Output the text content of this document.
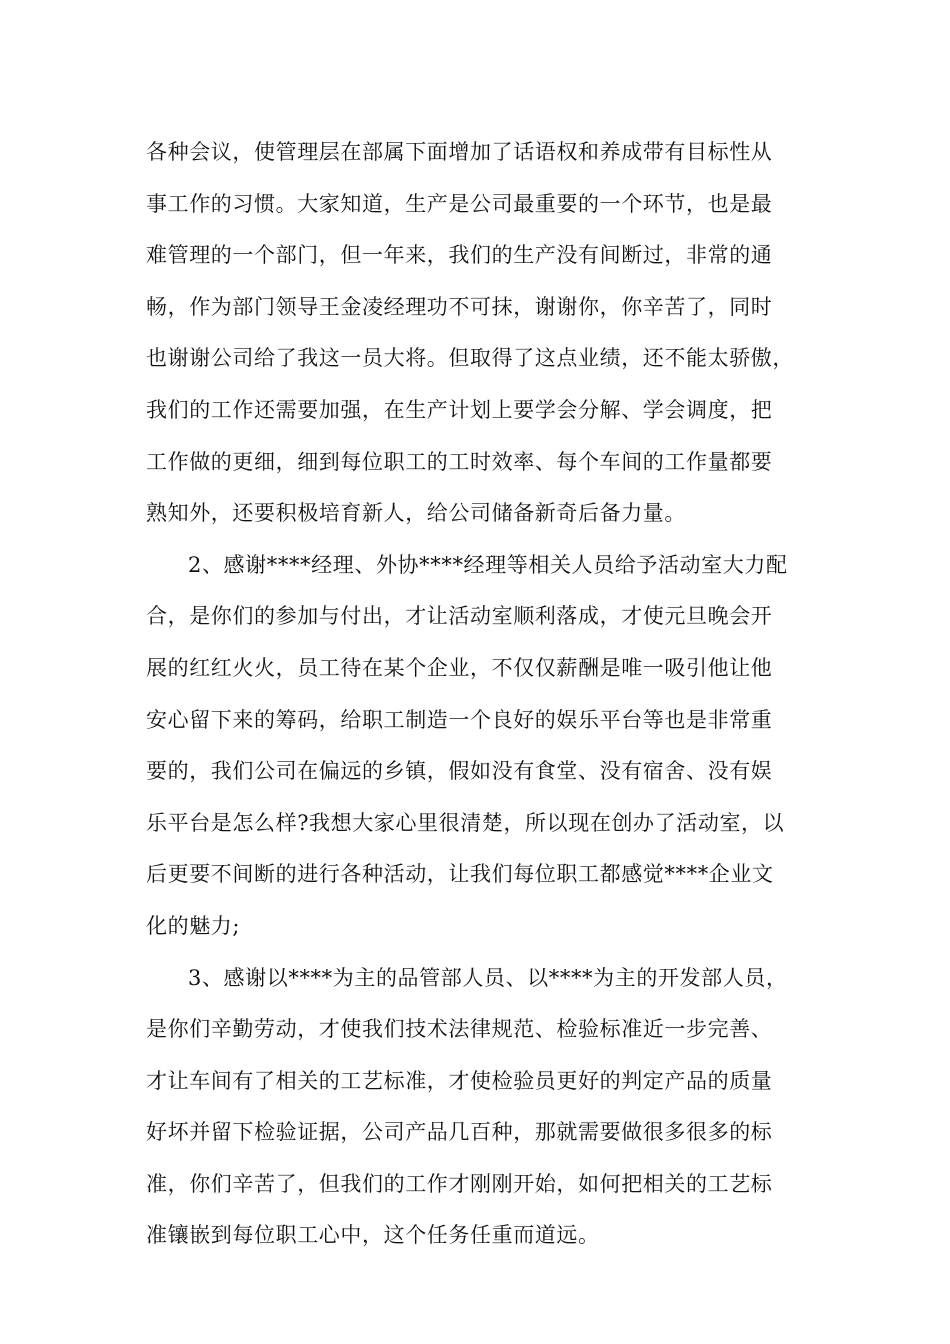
各种会议，使管理层在部属下面增加了话语权和养成带有目标性从
事工作的习惯。大家知道，生产是公司最重要的一个环节，也是最
难管理的一个部门，但一年来，我们的生产没有间断过，非常的通
畅，作为部门领导王金凌经理功不可抹，谢谢你，你辛苦了，同时
也谢谢公司给了我这一员大将。但取得了这点业绩，还不能太骄傲，
我们的工作还需要加强，在生产计划上要学会分解、学会调度，把
工作做的更细，细到每位职工的工时效率、每个车间的工作量都要
熟知外，还要积极培育新人，给公司储备新奇后备力量。
2、感谢****经理、外协****经理等相关人员给予活动室大力配
合，是你们的参加与付出，才让活动室顺利落成，才使元旦晚会开
展的红红火火，员工待在某个企业，不仅仅薪酬是唯一吸引他让他
安心留下来的筹码，给职工制造一个良好的娱乐平台等也是非常重
要的，我们公司在偏远的乡镇，假如没有食堂、没有宿舍、没有娱
乐平台是怎么样?我想大家心里很清楚，所以现在创办了活动室，以
后更要不间断的进行各种活动，让我们每位职工都感觉****企业文
化的魅力;
3、感谢以****为主的品管部人员、以****为主的开发部人员，
是你们辛勤劳动，才使我们技术法律规范、检验标准近一步完善、
才让车间有了相关的工艺标准，才使检验员更好的判定产品的质量
好坏并留下检验证据，公司产品几百种，那就需要做很多很多的标
准，你们辛苦了，但我们的工作才刚刚开始，如何把相关的工艺标
准镶嵌到每位职工心中，这个任务任重而道远。
